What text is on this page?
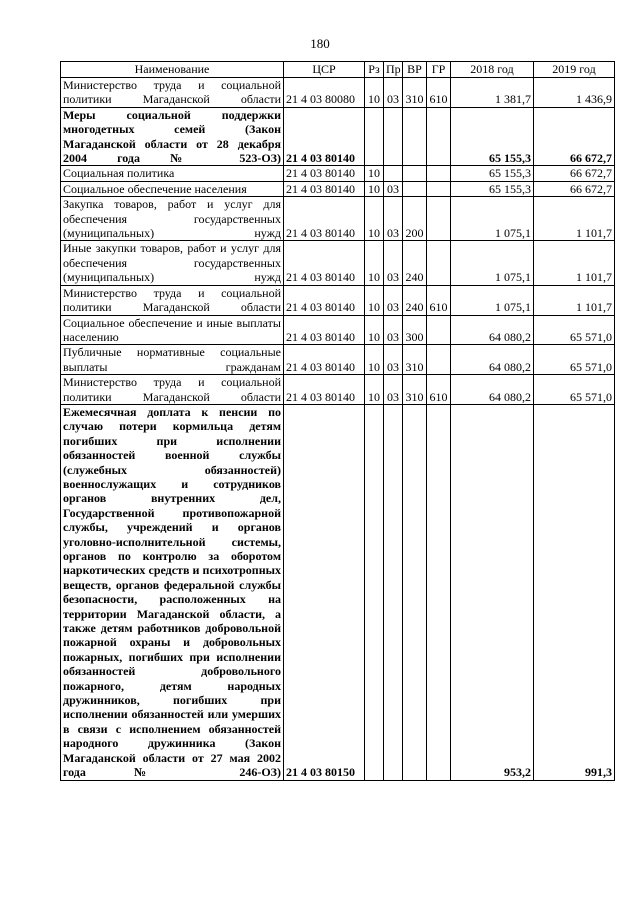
180
Наименование	ЦСР	Рз	Пр	ВР	ГР	2018 год	2019 год
Министерство труда и социальной политики Магаданской области	21 4 03 80080	10	03	310	610	1 381,7	1 436,9
Меры социальной поддержки многодетных семей (Закон Магаданской области от 28 декабря 2004 года № 523-ОЗ)	21 4 03 80140					65 155,3	66 672,7
Социальная политика	21 4 03 80140	10				65 155,3	66 672,7
Социальное обеспечение населения	21 4 03 80140	10	03			65 155,3	66 672,7
Закупка товаров, работ и услуг для обеспечения государственных (муниципальных) нужд	21 4 03 80140	10	03	200		1 075,1	1 101,7
Иные закупки товаров, работ и услуг для обеспечения государственных (муниципальных) нужд	21 4 03 80140	10	03	240		1 075,1	1 101,7
Министерство труда и социальной политики Магаданской области	21 4 03 80140	10	03	240	610	1 075,1	1 101,7
Социальное обеспечение и иные выплаты населению	21 4 03 80140	10	03	300		64 080,2	65 571,0
Публичные нормативные социальные выплаты гражданам	21 4 03 80140	10	03	310		64 080,2	65 571,0
Министерство труда и социальной политики Магаданской области	21 4 03 80140	10	03	310	610	64 080,2	65 571,0
Ежемесячная доплата к пенсии по случаю потери кормильца детям погибших при исполнении обязанностей военной службы (служебных обязанностей) военнослужащих и сотрудников органов внутренних дел, Государственной противопожарной службы, учреждений и органов уголовно-исполнительной системы, органов по контролю за оборотом наркотических средств и психотропных веществ, органов федеральной службы безопасности, расположенных на территории Магаданской области, а также детям работников добровольной пожарной охраны и добровольных пожарных, погибших при исполнении обязанностей добровольного пожарного, детям народных дружинников, погибших при исполнении обязанностей или умерших в связи с исполнением обязанностей народного дружинника (Закон Магаданской области от 27 мая 2002 года № 246-ОЗ)	21 4 03 80150					953,2	991,3
